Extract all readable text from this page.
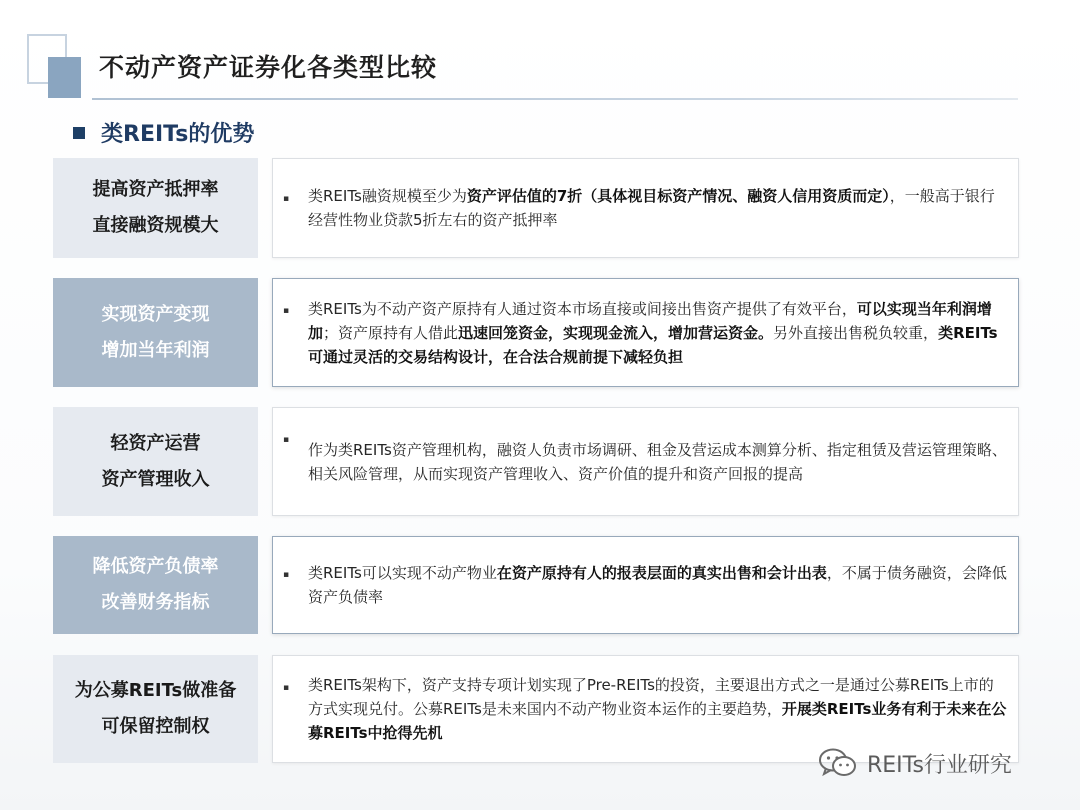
不动产资产证券化各类型比较
类REITs的优势
提高资产抵押率
直接融资规模大
▪ 类REITs融资规模至少为资产评估值的7折（具体视目标资产情况、融资人信用资质而定），一般高于银行经营性物业贷款5折左右的资产抵押率
实现资产变现
增加当年利润
▪ 类REITs为不动产资产原持有人通过资本市场直接或间接出售资产提供了有效平台，可以实现当年利润增加；资产原持有人借此迅速回笼资金，实现现金流入，增加营运资金。另外直接出售税负较重，类REITs可通过灵活的交易结构设计，在合法合规前提下减轻负担
轻资产运营
资产管理收入
▪
作为类REITs资产管理机构，融资人负责市场调研、租金及营运成本测算分析、指定租赁及营运管理策略、相关风险管理，从而实现资产管理收入、资产价值的提升和资产回报的提高
降低资产负债率
改善财务指标
▪ 类REITs可以实现不动产物业在资产原持有人的报表层面的真实出售和会计出表，不属于债务融资，会降低资产负债率
为公募REITs做准备
可保留控制权
▪ 类REITs架构下，资产支持专项计划实现了Pre-REITs的投资，主要退出方式之一是通过公募REITs上市的方式实现兑付。公募REITs是未来国内不动产物业资本运作的主要趋势，开展类REITs业务有利于未来在公募REITs中抢得先机
REITs行业研究
